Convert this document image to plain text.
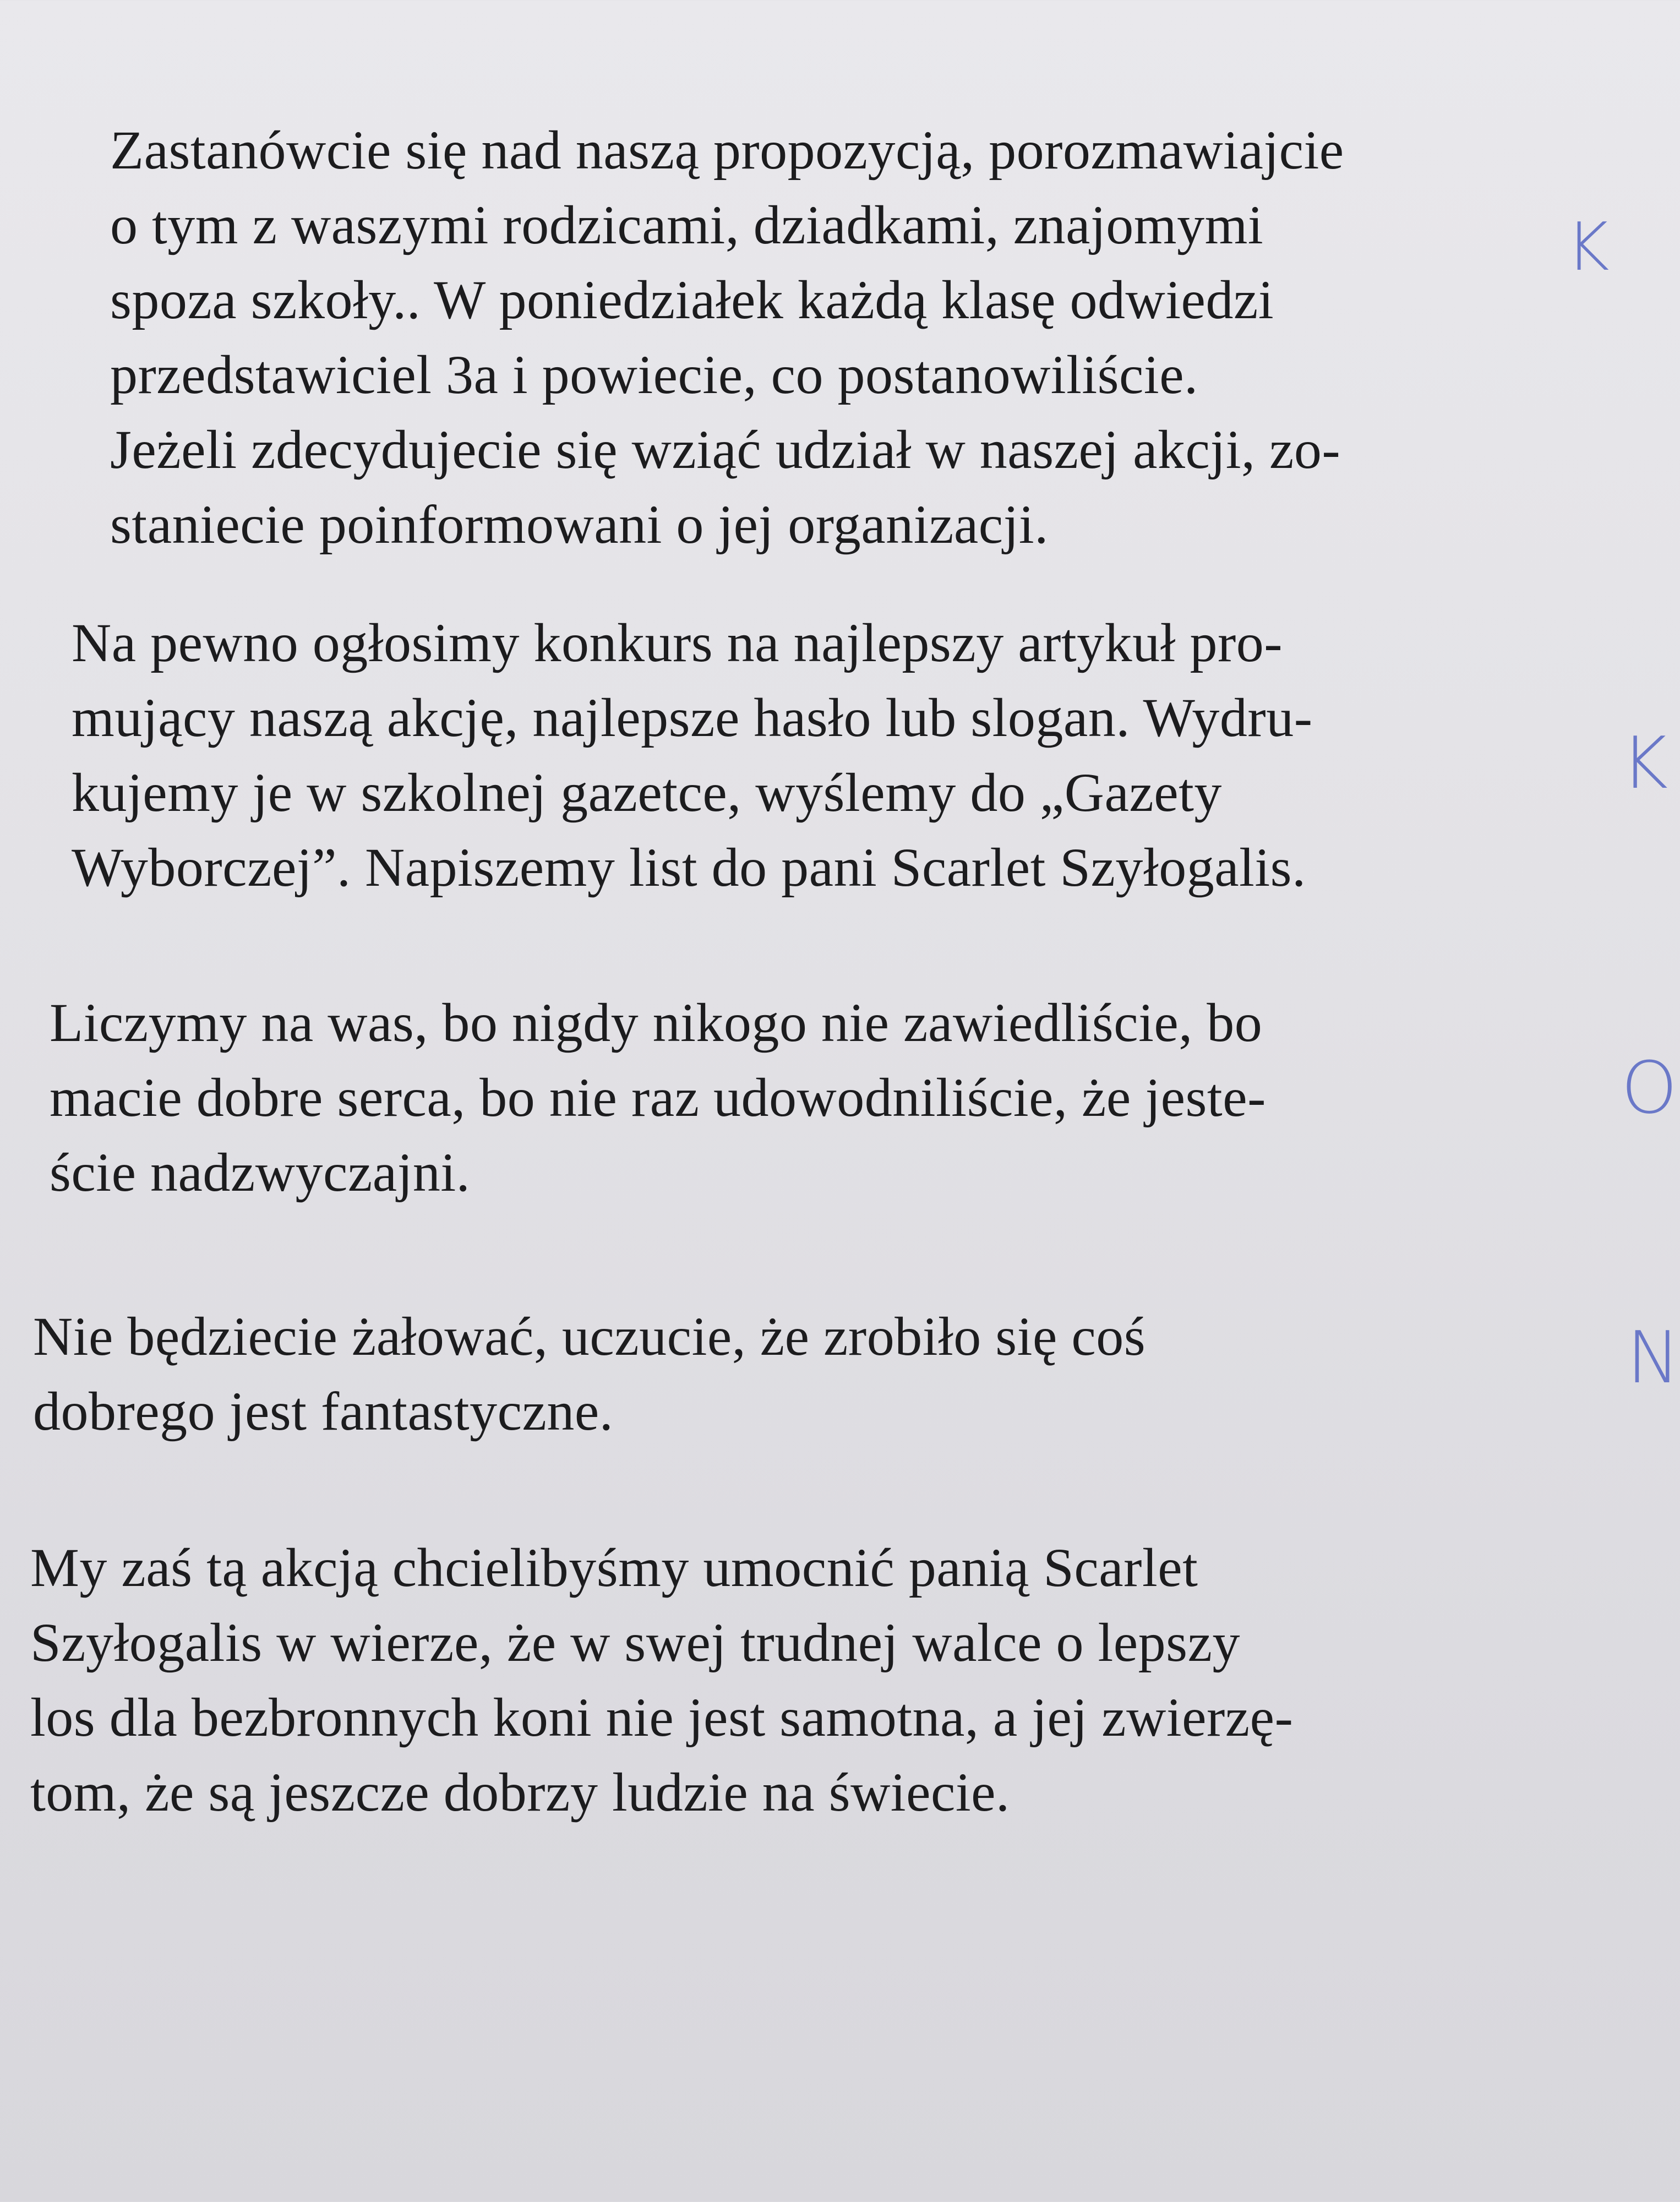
Zastanówcie się nad naszą propozycją, porozmawiajcie
o tym z waszymi rodzicami, dziadkami, znajomymi
spoza szkoły.. W poniedziałek każdą klasę odwiedzi
przedstawiciel 3a i powiecie, co postanowiliście.
Jeżeli zdecydujecie się wziąć udział w naszej akcji, zo-
staniecie poinformowani o jej organizacji.

Na pewno ogłosimy konkurs na najlepszy artykuł pro-
mujący naszą akcję, najlepsze hasło lub slogan. Wydru-
kujemy je w szkolnej gazetce, wyślemy do „Gazety
Wyborczej”. Napiszemy list do pani Scarlet Szyłogalis.

Liczymy na was, bo nigdy nikogo nie zawiedliście, bo
macie dobre serca, bo nie raz udowodniliście, że jeste-
ście nadzwyczajni.

Nie będziecie żałować, uczucie, że zrobiło się coś
dobrego jest fantastyczne.

My zaś tą akcją chcielibyśmy umocnić panią Scarlet
Szyłogalis w wierze, że w swej trudnej walce o lepszy
los dla bezbronnych koni nie jest samotna, a jej zwierzę-
tom, że są jeszcze dobrzy ludzie na świecie.

K
K
O
N
